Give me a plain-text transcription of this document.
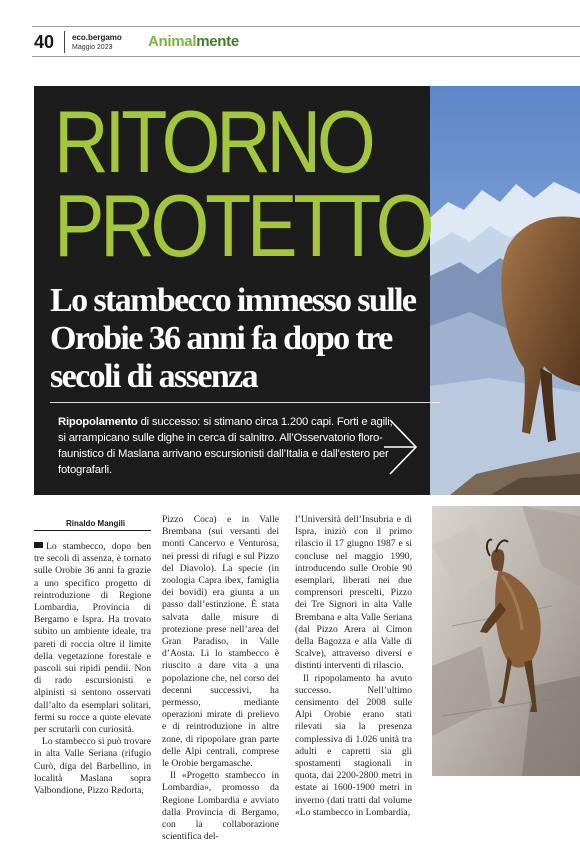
40 eco.bergamo
Maggio 2023 Animalmente
RITORNO
PROTETTO
Lo stambecco immesso sulle Orobie 36 anni fa dopo tre secoli di assenza
Ripopolamento di successo: si stimano circa 1.200 capi. Forti e agili, si arrampicano sulle dighe in cerca di salnitro. All’Osservatorio floro-faunistico di Maslana arrivano escursionisti dall’Italia e dall’estero per fotografarli.
Rinaldo Mangili

Lo stambecco, dopo ben tre secoli di assenza, è tornato sulle Orobie 36 anni fa grazie a uno specifico progetto di reintroduzione di Regione Lombardia, Provincia di Bergamo e Ispra. Ha trovato subito un ambiente ideale, tra pareti di roccia oltre il limite della vegetazione forestale e pascoli sui ripidi pendii. Non di rado escursionisti e alpinisti si sentono osservati dall’alto da esemplari solitari, fermi su rocce a quote elevate per scrutarli con curiosità.

Lo stambecco si può trovare in alta Valle Seriana (rifugio Curò, diga del Barbellino, in località Maslana sopra Valbondione, Pizzo Redorta,

Pizzo Coca) e in Valle Brembana (sui versanti dei monti Cancervo e Venturosa, nei pressi di rifugi e sul Pizzo del Diavolo). La specie (in zoologia Capra ibex, famiglia dei bovidi) era giunta a un passo dall’estinzione. È stata salvata dalle misure di protezione prese nell’area del Gran Paradiso, in Valle d’Aosta. Lì lo stambecco è riuscito a dare vita a una popolazione che, nel corso dei decenni successivi, ha permesso, mediante operazioni mirate di prelievo e di reintroduzione in altre zone, di ripopolare gran parte delle Alpi centrali, comprese le Orobie bergamasche.

Il «Progetto stambecco in Lombardia», promosso da Regione Lombardia e avviato dalla Provincia di Bergamo, con la collaborazione scientifica del-

l’Università dell’Insubria e di Ispra, iniziò con il primo rilascio il 17 giugno 1987 e si concluse nel maggio 1990, introducendo sulle Orobie 90 esemplari, liberati nei due comprensori prescelti, Pizzo dei Tre Signori in alta Valle Brembana e alta Valle Seriana (dal Pizzo Arera al Cimon della Bagozza e alla Valle di Scalve), attraverso diversi e distinti interventi di rilascio.

Il ripopolamento ha avuto successo. Nell’ultimo censimento del 2008 sulle Alpi Orobie erano stati rilevati sia la presenza complessiva di 1.026 unità tra adulti e capretti sia gli spostamenti stagionali in quota, dai 2200-2800 metri in estate ai 1600-1900 metri in inverno (dati tratti dal volume «Lo stambecco in Lombardia,
